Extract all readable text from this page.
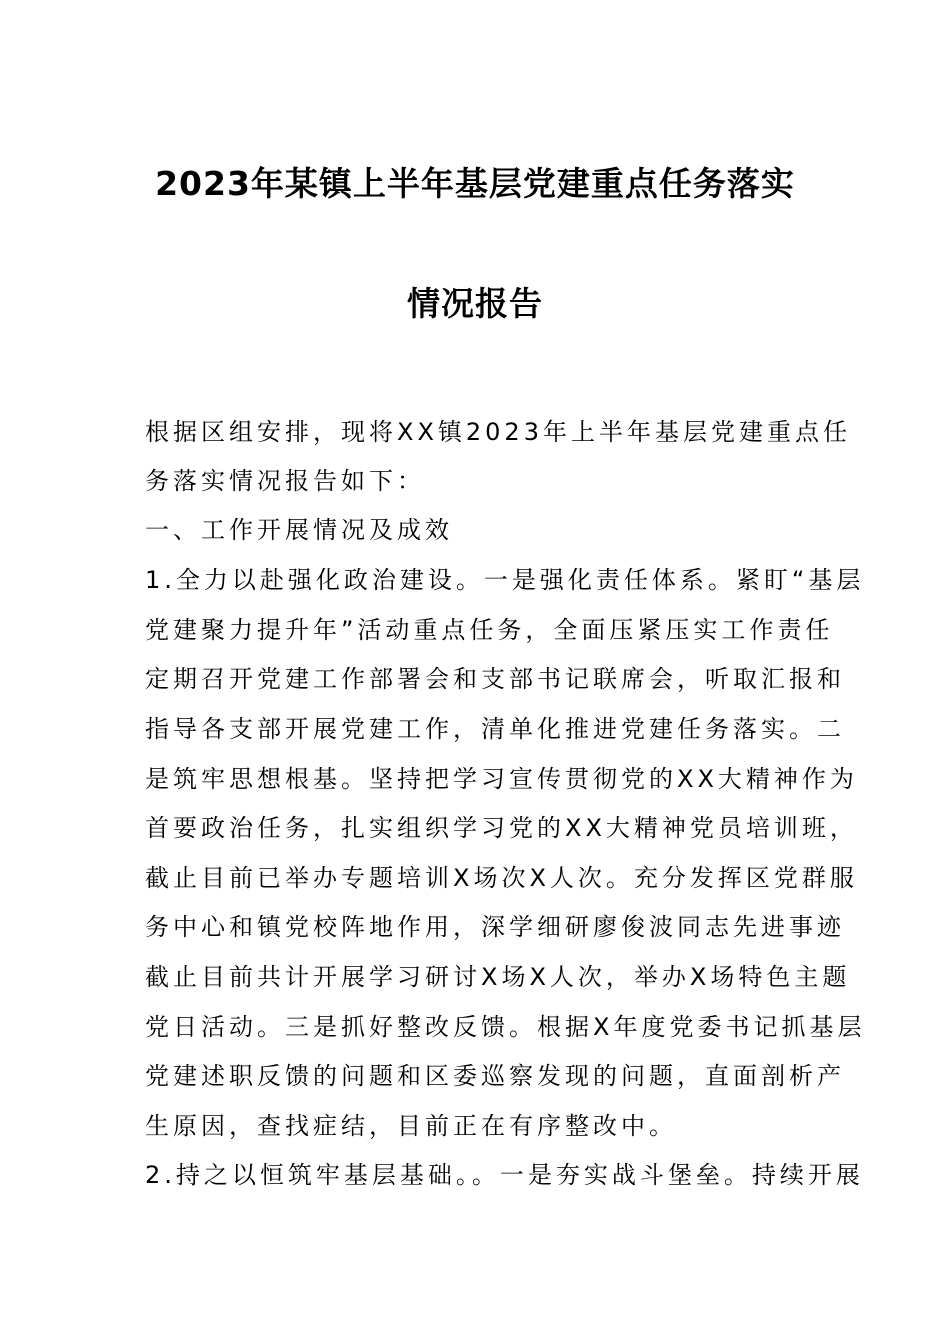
2023年某镇上半年基层党建重点任务落实
情况报告
根据区组安排，现将XX镇2023年上半年基层党建重点任
务落实情况报告如下：
一、工作开展情况及成效
1.全力以赴强化政治建设。一是强化责任体系。紧盯“基层
党建聚力提升年”活动重点任务，全面压紧压实工作责任
定期召开党建工作部署会和支部书记联席会，听取汇报和
指导各支部开展党建工作，清单化推进党建任务落实。二
是筑牢思想根基。坚持把学习宣传贯彻党的XX大精神作为
首要政治任务，扎实组织学习党的XX大精神党员培训班，
截止目前已举办专题培训X场次X人次。充分发挥区党群服
务中心和镇党校阵地作用，深学细研廖俊波同志先进事迹
截止目前共计开展学习研讨X场X人次，举办X场特色主题
党日活动。三是抓好整改反馈。根据X年度党委书记抓基层
党建述职反馈的问题和区委巡察发现的问题，直面剖析产
生原因，查找症结，目前正在有序整改中。
2.持之以恒筑牢基层基础。。一是夯实战斗堡垒。持续开展
